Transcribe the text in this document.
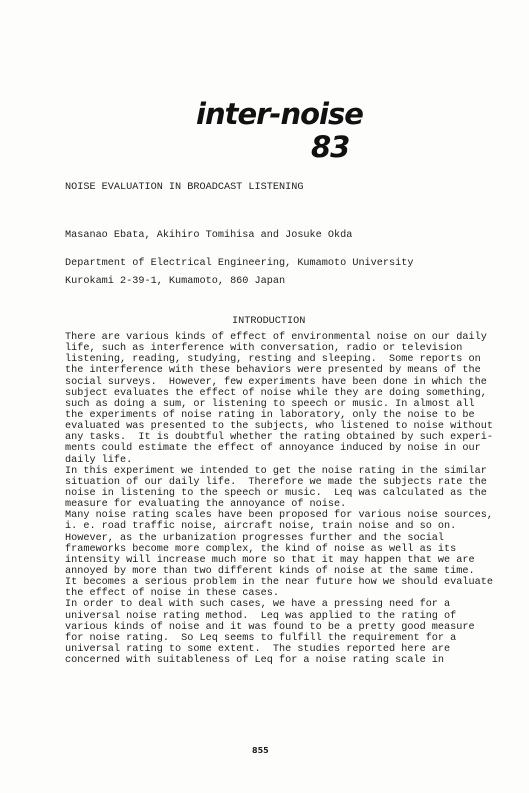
inter-noise
83
NOISE EVALUATION IN BROADCAST LISTENING
Masanao Ebata, Akihiro Tomihisa and Josuke Okda
Department of Electrical Engineering, Kumamoto University
Kurokami 2-39-1, Kumamoto, 860 Japan
INTRODUCTION
There are various kinds of effect of environmental noise on our daily
life, such as interference with conversation, radio or television
listening, reading, studying, resting and sleeping.  Some reports on
the interference with these behaviors were presented by means of the
social surveys.  However, few experiments have been done in which the
subject evaluates the effect of noise while they are doing something,
such as doing a sum, or listening to speech or music. In almost all
the experiments of noise rating in laboratory, only the noise to be
evaluated was presented to the subjects, who listened to noise without
any tasks.  It is doubtful whether the rating obtained by such experi-
ments could estimate the effect of annoyance induced by noise in our
daily life.
In this experiment we intended to get the noise rating in the similar
situation of our daily life.  Therefore we made the subjects rate the
noise in listening to the speech or music.  Leq was calculated as the
measure for evaluating the annoyance of noise.
Many noise rating scales have been proposed for various noise sources,
i. e. road traffic noise, aircraft noise, train noise and so on.
However, as the urbanization progresses further and the social
frameworks become more complex, the kind of noise as well as its
intensity will increase much more so that it may happen that we are
annoyed by more than two different kinds of noise at the same time.
It becomes a serious problem in the near future how we should evaluate
the effect of noise in these cases.
In order to deal with such cases, we have a pressing need for a
universal noise rating method.  Leq was applied to the rating of
various kinds of noise and it was found to be a pretty good measure
for noise rating.  So Leq seems to fulfill the requirement for a
universal rating to some extent.  The studies reported here are
concerned with suitableness of Leq for a noise rating scale in
855
